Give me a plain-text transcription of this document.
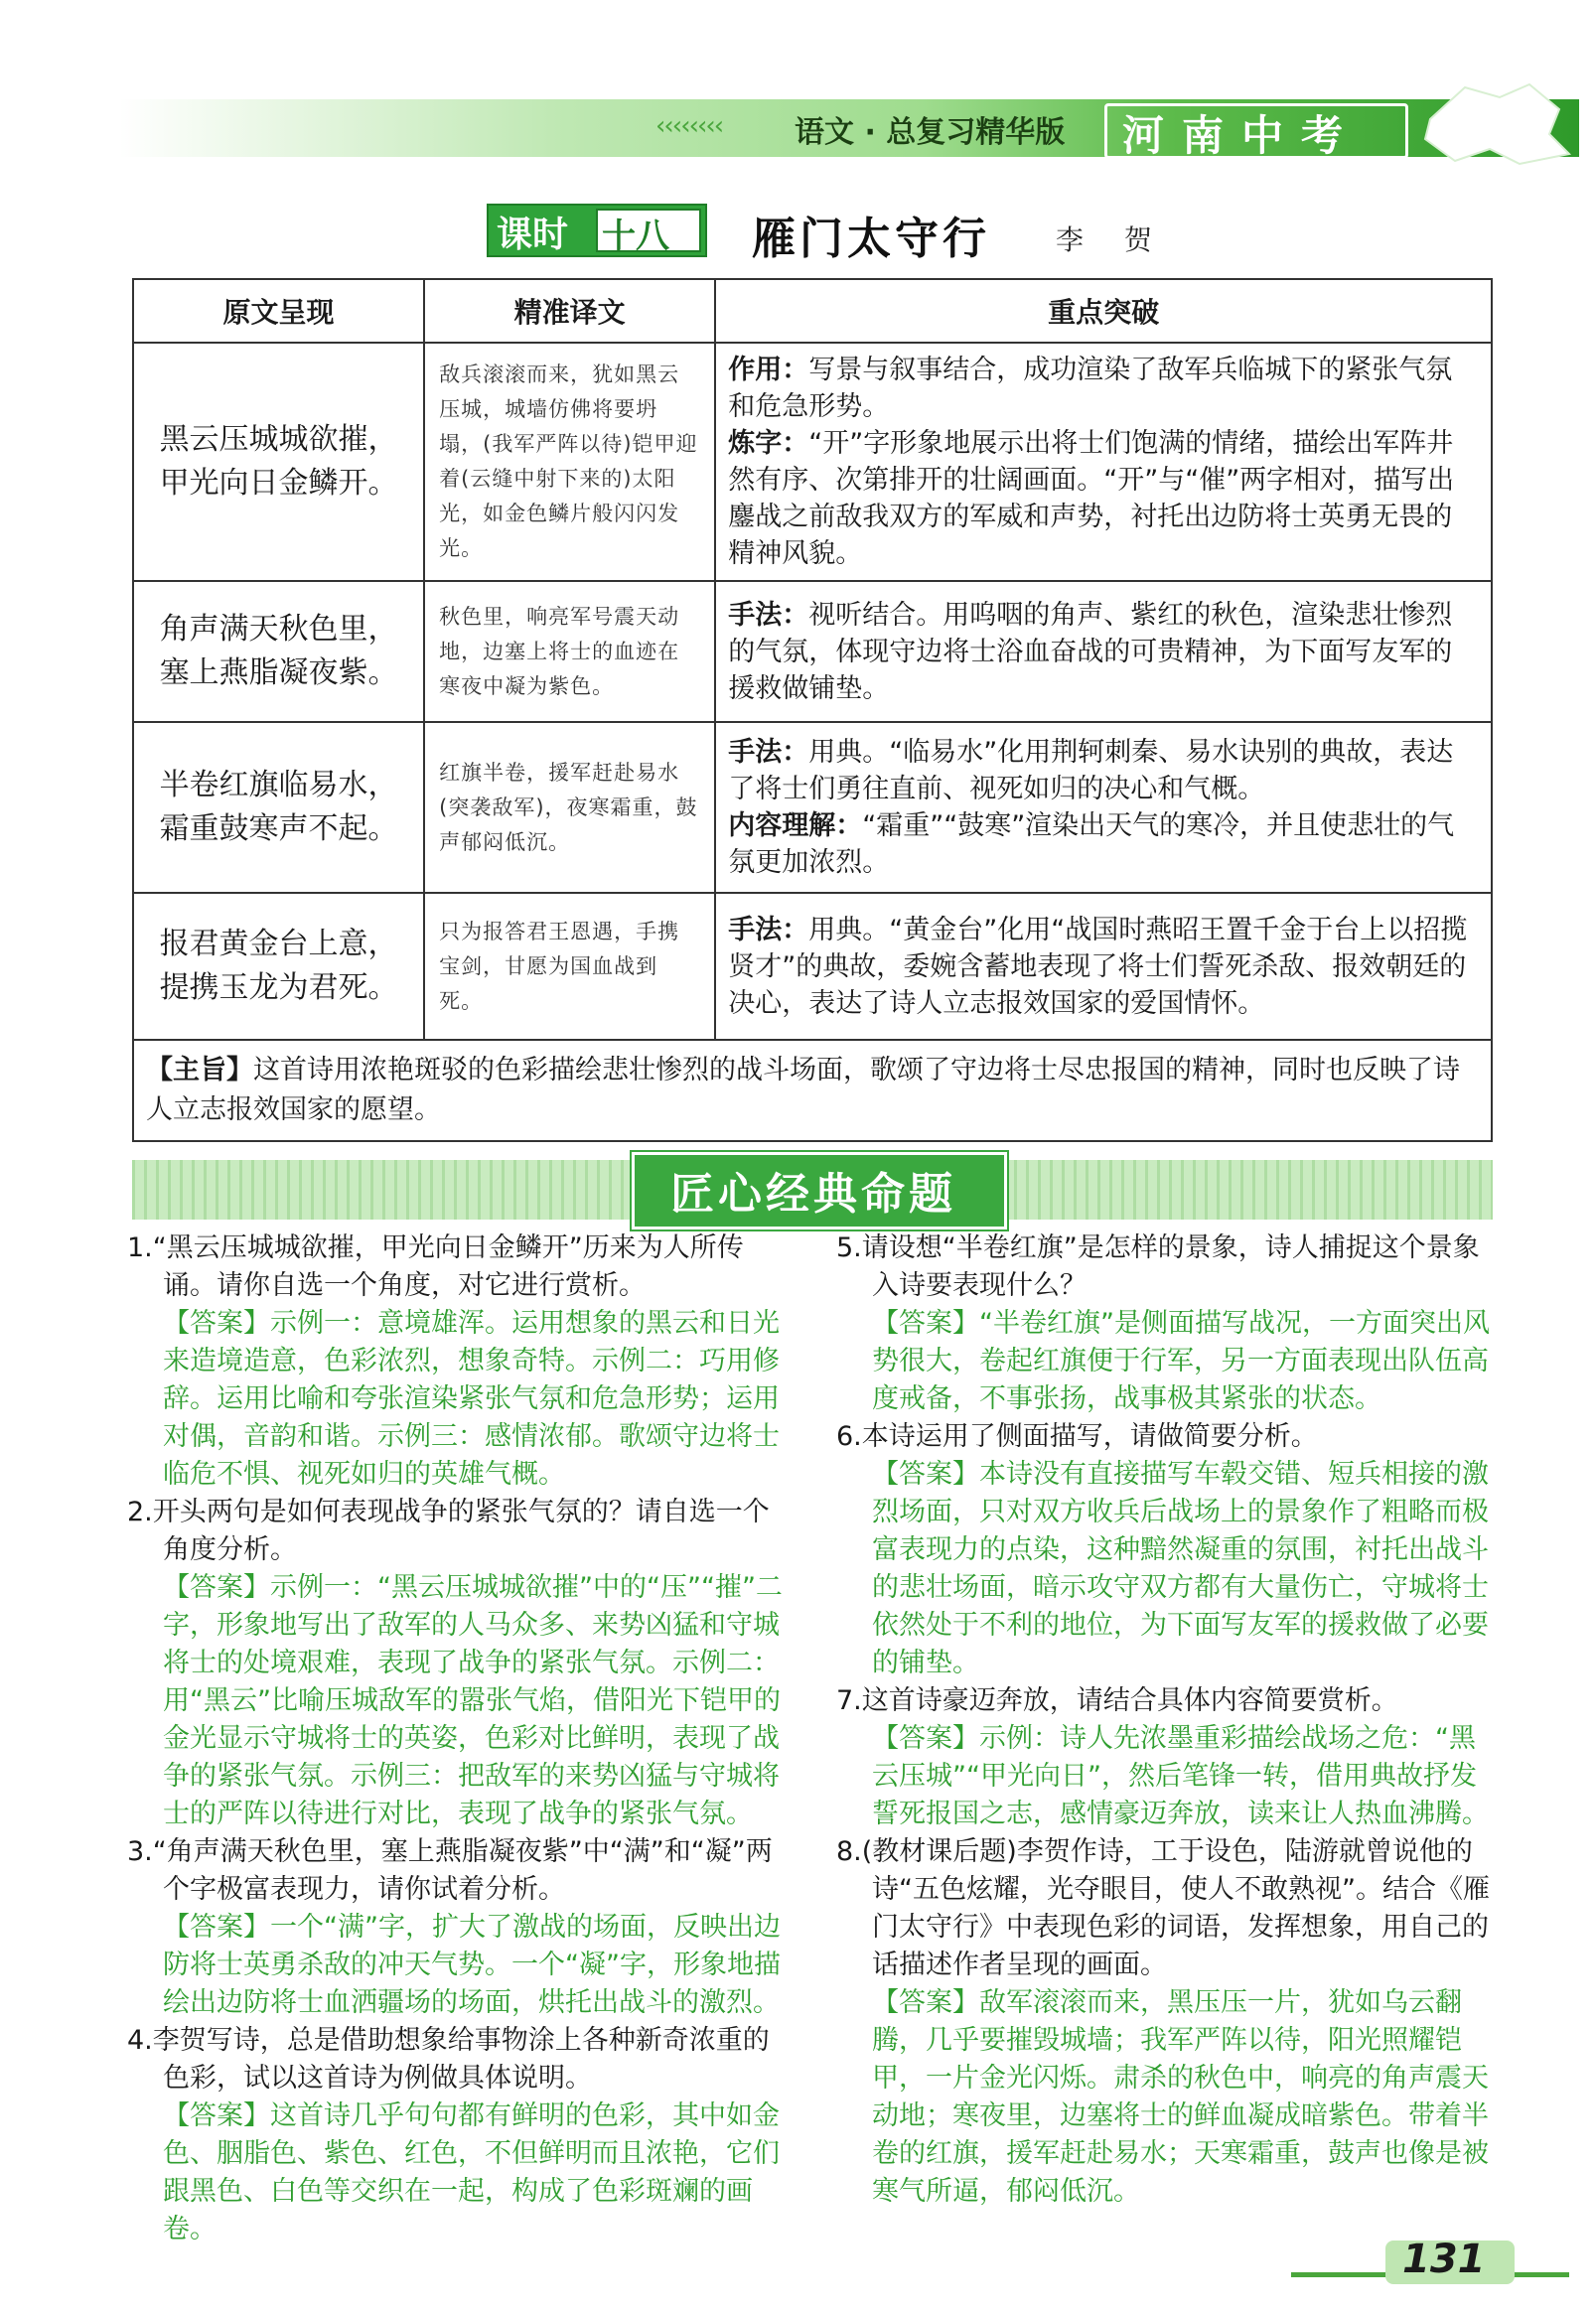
‹‹‹‹‹‹‹‹ 语文 · 总复习精华版 河南中考
课时 十八 雁门太守行 李 贺
原文呈现	精准译文	重点突破
黑云压城城欲摧，甲光向日金鳞开。	敌兵滚滚而来，犹如黑云压城，城墙仿佛将要坍塌，(我军严阵以待)铠甲迎着(云缝中射下来的)太阳光，如金色鳞片般闪闪发光。	作用：写景与叙事结合，成功渲染了敌军兵临城下的紧张气氛和危急形势。
炼字：“开”字形象地展示出将士们饱满的情绪，描绘出军阵井然有序、次第排开的壮阔画面。“开”与“催”两字相对，描写出鏖战之前敌我双方的军威和声势，衬托出边防将士英勇无畏的精神风貌。

角声满天秋色里，塞上燕脂凝夜紫。	秋色里，响亮军号震天动地，边塞上将士的血迹在寒夜中凝为紫色。	手法：视听结合。用呜咽的角声、紫红的秋色，渲染悲壮惨烈的气氛，体现守边将士浴血奋战的可贵精神，为下面写友军的援救做铺垫。

半卷红旗临易水，霜重鼓寒声不起。	红旗半卷，援军赶赴易水(突袭敌军)，夜寒霜重，鼓声郁闷低沉。	手法：用典。“临易水”化用荆轲刺秦、易水诀别的典故，表达了将士们勇往直前、视死如归的决心和气概。
内容理解：“霜重”“鼓寒”渲染出天气的寒冷，并且使悲壮的气氛更加浓烈。

报君黄金台上意，提携玉龙为君死。	只为报答君王恩遇，手携宝剑，甘愿为国血战到死。	手法：用典。“黄金台”化用“战国时燕昭王置千金于台上以招揽贤才”的典故，委婉含蓄地表现了将士们誓死杀敌、报效朝廷的决心，表达了诗人立志报效国家的爱国情怀。

【主旨】这首诗用浓艳斑驳的色彩描绘悲壮惨烈的战斗场面，歌颂了守边将士尽忠报国的精神，同时也反映了诗人立志报效国家的愿望。		
匠心经典命题

1.“黑云压城城欲摧，甲光向日金鳞开”历来为人所传诵。请你自选一个角度，对它进行赏析。

【答案】示例一：意境雄浑。运用想象的黑云和日光来造境造意，色彩浓烈，想象奇特。示例二：巧用修辞。运用比喻和夸张渲染紧张气氛和危急形势；运用对偶，音韵和谐。示例三：感情浓郁。歌颂守边将士临危不惧、视死如归的英雄气概。

2.开头两句是如何表现战争的紧张气氛的？请自选一个角度分析。

【答案】示例一：“黑云压城城欲摧”中的“压”“摧”二字，形象地写出了敌军的人马众多、来势凶猛和守城将士的处境艰难，表现了战争的紧张气氛。示例二：用“黑云”比喻压城敌军的嚣张气焰，借阳光下铠甲的金光显示守城将士的英姿，色彩对比鲜明，表现了战争的紧张气氛。示例三：把敌军的来势凶猛与守城将士的严阵以待进行对比，表现了战争的紧张气氛。

3.“角声满天秋色里，塞上燕脂凝夜紫”中“满”和“凝”两个字极富表现力，请你试着分析。

【答案】一个“满”字，扩大了激战的场面，反映出边防将士英勇杀敌的冲天气势。一个“凝”字，形象地描绘出边防将士血洒疆场的场面，烘托出战斗的激烈。

4.李贺写诗，总是借助想象给事物涂上各种新奇浓重的色彩，试以这首诗为例做具体说明。

【答案】这首诗几乎句句都有鲜明的色彩，其中如金色、胭脂色、紫色、红色，不但鲜明而且浓艳，它们跟黑色、白色等交织在一起，构成了色彩斑斓的画卷。

5.请设想“半卷红旗”是怎样的景象，诗人捕捉这个景象入诗要表现什么？

【答案】“半卷红旗”是侧面描写战况，一方面突出风势很大，卷起红旗便于行军，另一方面表现出队伍高度戒备，不事张扬，战事极其紧张的状态。

6.本诗运用了侧面描写，请做简要分析。

【答案】本诗没有直接描写车毂交错、短兵相接的激烈场面，只对双方收兵后战场上的景象作了粗略而极富表现力的点染，这种黯然凝重的氛围，衬托出战斗的悲壮场面，暗示攻守双方都有大量伤亡，守城将士依然处于不利的地位，为下面写友军的援救做了必要的铺垫。

7.这首诗豪迈奔放，请结合具体内容简要赏析。

【答案】示例：诗人先浓墨重彩描绘战场之危：“黑云压城”“甲光向日”，然后笔锋一转，借用典故抒发誓死报国之志，感情豪迈奔放，读来让人热血沸腾。

8.(教材课后题)李贺作诗，工于设色，陆游就曾说他的诗“五色炫耀，光夺眼目，使人不敢熟视”。结合《雁门太守行》中表现色彩的词语，发挥想象，用自己的话描述作者呈现的画面。

【答案】敌军滚滚而来，黑压压一片，犹如乌云翻腾，几乎要摧毁城墙；我军严阵以待，阳光照耀铠甲，一片金光闪烁。肃杀的秋色中，响亮的角声震天动地；寒夜里，边塞将士的鲜血凝成暗紫色。带着半卷的红旗，援军赶赴易水；天寒霜重，鼓声也像是被寒气所逼，郁闷低沉。

131
